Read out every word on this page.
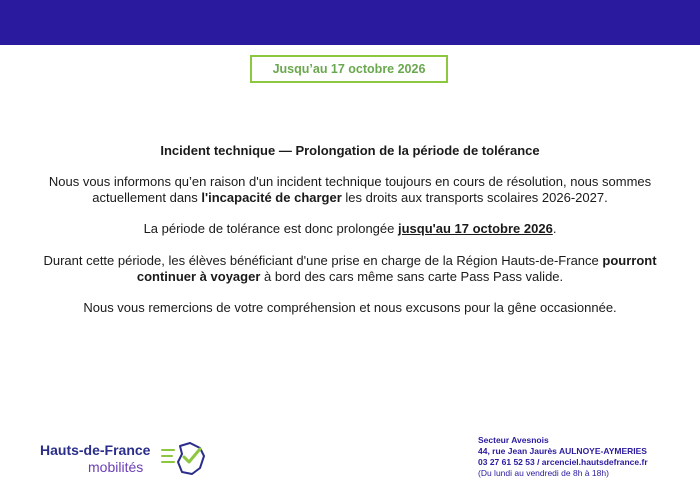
Jusqu’au 17 octobre 2026
Incident technique — Prolongation de la période de tolérance

Nous vous informons qu’en raison d'un incident technique toujours en cours de résolution, nous sommes actuellement dans l'incapacité de charger les droits aux transports scolaires 2026-2027.

La période de tolérance est donc prolongée jusqu'au 17 octobre 2026.

Durant cette période, les élèves bénéficiant d'une prise en charge de la Région Hauts-de-France pourront continuer à voyager à bord des cars même sans carte Pass Pass valide.

Nous vous remercions de votre compréhension et nous excusons pour la gêne occasionnée.
Hauts-de-France
mobilités
Secteur Avesnois
44, rue Jean Jaurès AULNOYE-AYMERIES
03 27 61 52 53 / arcenciel.hautsdefrance.fr
(Du lundi au vendredi de 8h à 18h)
